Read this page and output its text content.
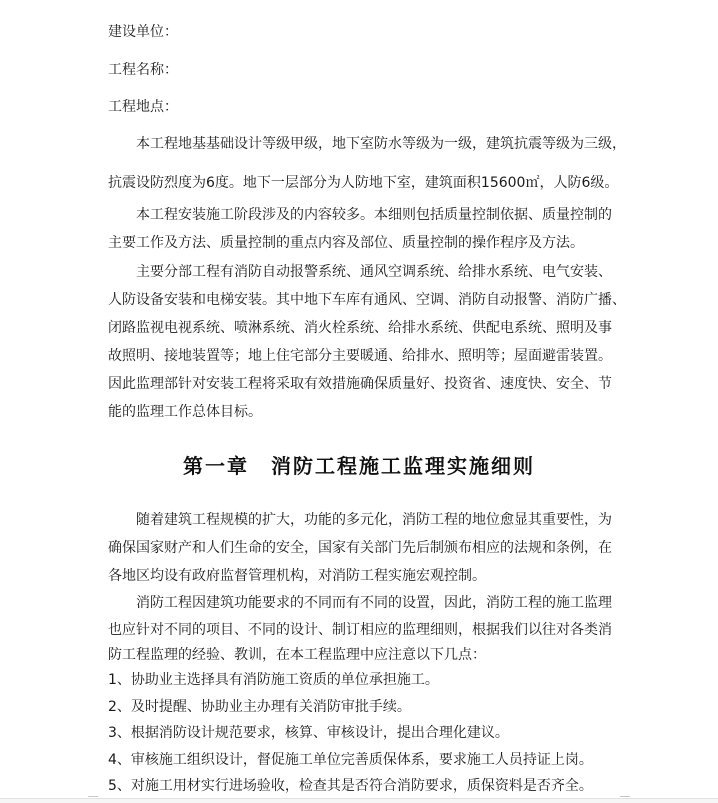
建设单位：
工程名称：
工程地点：
　　本工程地基基础设计等级甲级，地下室防水等级为一级，建筑抗震等级为三级，
抗震设防烈度为6度。地下一层部分为人防地下室，建筑面积15600㎡，人防6级。
　　本工程安装施工阶段涉及的内容较多。本细则包括质量控制依据、质量控制的
主要工作及方法、质量控制的重点内容及部位、质量控制的操作程序及方法。
　　主要分部工程有消防自动报警系统、通风空调系统、给排水系统、电气安装、
人防设备安装和电梯安装。其中地下车库有通风、空调、消防自动报警、消防广播、
闭路监视电视系统、喷淋系统、消火栓系统、给排水系统、供配电系统、照明及事
故照明、接地装置等；地上住宅部分主要暖通、给排水、照明等；屋面避雷装置。
因此监理部针对安装工程将采取有效措施确保质量好、投资省、速度快、安全、节
能的监理工作总体目标。
第一章　消防工程施工监理实施细则
　　随着建筑工程规模的扩大，功能的多元化，消防工程的地位愈显其重要性，为
确保国家财产和人们生命的安全，国家有关部门先后制颁布相应的法规和条例，在
各地区均设有政府监督管理机构，对消防工程实施宏观控制。
　　消防工程因建筑功能要求的不同而有不同的设置，因此，消防工程的施工监理
也应针对不同的项目、不同的设计、制订相应的监理细则，根据我们以往对各类消
防工程监理的经验、教训，在本工程监理中应注意以下几点：
1、协助业主选择具有消防施工资质的单位承担施工。
2、及时提醒、协助业主办理有关消防审批手续。
3、根据消防设计规范要求，核算、审核设计，提出合理化建议。
4、审核施工组织设计，督促施工单位完善质保体系，要求施工人员持证上岗。
5、对施工用材实行进场验收，检查其是否符合消防要求，质保资料是否齐全。
